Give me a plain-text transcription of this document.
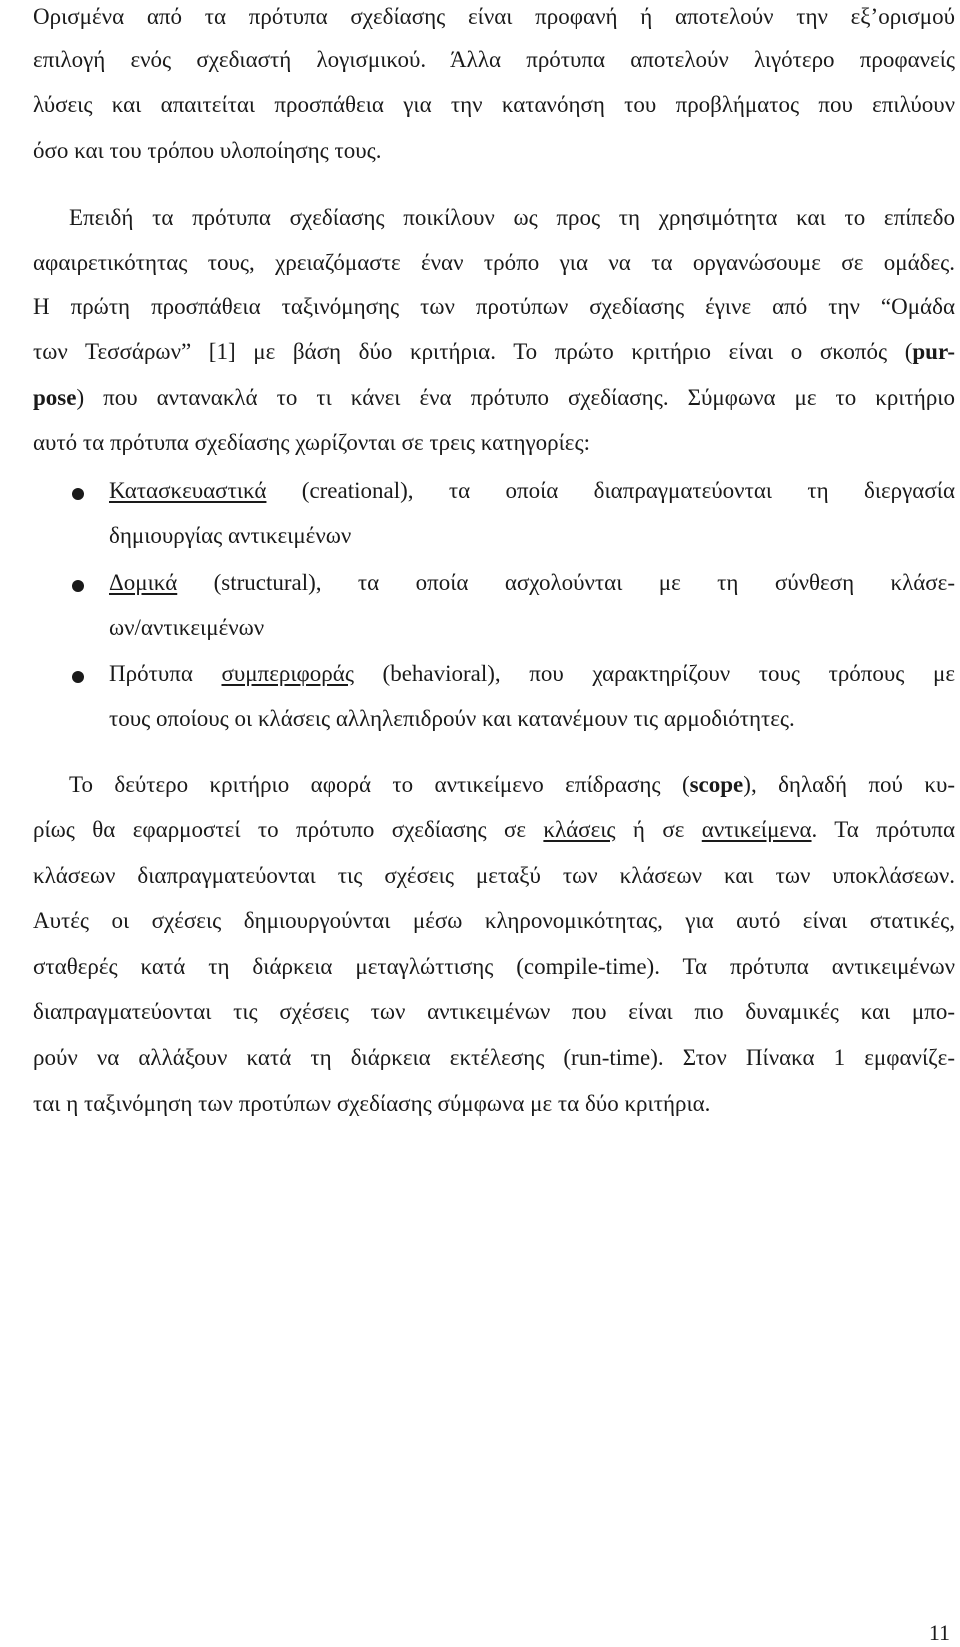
Ορισμένα από τα πρότυπα σχεδίασης είναι προφανή ή αποτελούν την εξ’ορισμού
επιλογή ενός σχεδιαστή λογισμικού. Άλλα πρότυπα αποτελούν λιγότερο προφανείς
λύσεις και απαιτείται προσπάθεια για την κατανόηση του προβλήματος που επιλύουν
όσο και του τρόπου υλοποίησης τους.
Επειδή τα πρότυπα σχεδίασης ποικίλουν ως προς τη χρησιμότητα και το επίπεδο
αφαιρετικότητας τους, χρειαζόμαστε έναν τρόπο για να τα οργανώσουμε σε ομάδες.
Η πρώτη προσπάθεια ταξινόμησης των προτύπων σχεδίασης έγινε από την “Ομάδα
των Τεσσάρων” [1] με βάση δύο κριτήρια. Το πρώτο κριτήριο είναι ο σκοπός (pur-
pose) που αντανακλά το τι κάνει ένα πρότυπο σχεδίασης. Σύμφωνα με το κριτήριο
αυτό τα πρότυπα σχεδίασης χωρίζονται σε τρεις κατηγορίες:
Κατασκευαστικά (creational), τα οποία διαπραγματεύονται τη διεργασία
δημιουργίας αντικειμένων
Δομικά (structural), τα οποία ασχολούνται με τη σύνθεση κλάσε-
ων/αντικειμένων
Πρότυπα συμπεριφοράς (behavioral), που χαρακτηρίζουν τους τρόπους με
τους οποίους οι κλάσεις αλληλεπιδρούν και κατανέμουν τις αρμοδιότητες.
Το δεύτερο κριτήριο αφορά το αντικείμενο επίδρασης (scope), δηλαδή πού κυ-
ρίως θα εφαρμοστεί το πρότυπο σχεδίασης σε κλάσεις ή σε αντικείμενα. Τα πρότυπα
κλάσεων διαπραγματεύονται τις σχέσεις μεταξύ των κλάσεων και των υποκλάσεων.
Αυτές οι σχέσεις δημιουργούνται μέσω κληρονομικότητας, για αυτό είναι στατικές,
σταθερές κατά τη διάρκεια μεταγλώττισης (compile-time). Τα πρότυπα αντικειμένων
διαπραγματεύονται τις σχέσεις των αντικειμένων που είναι πιο δυναμικές και μπο-
ρούν να αλλάξουν κατά τη διάρκεια εκτέλεσης (run-time). Στον Πίνακα 1 εμφανίζε-
ται η ταξινόμηση των προτύπων σχεδίασης σύμφωνα με τα δύο κριτήρια.
11
